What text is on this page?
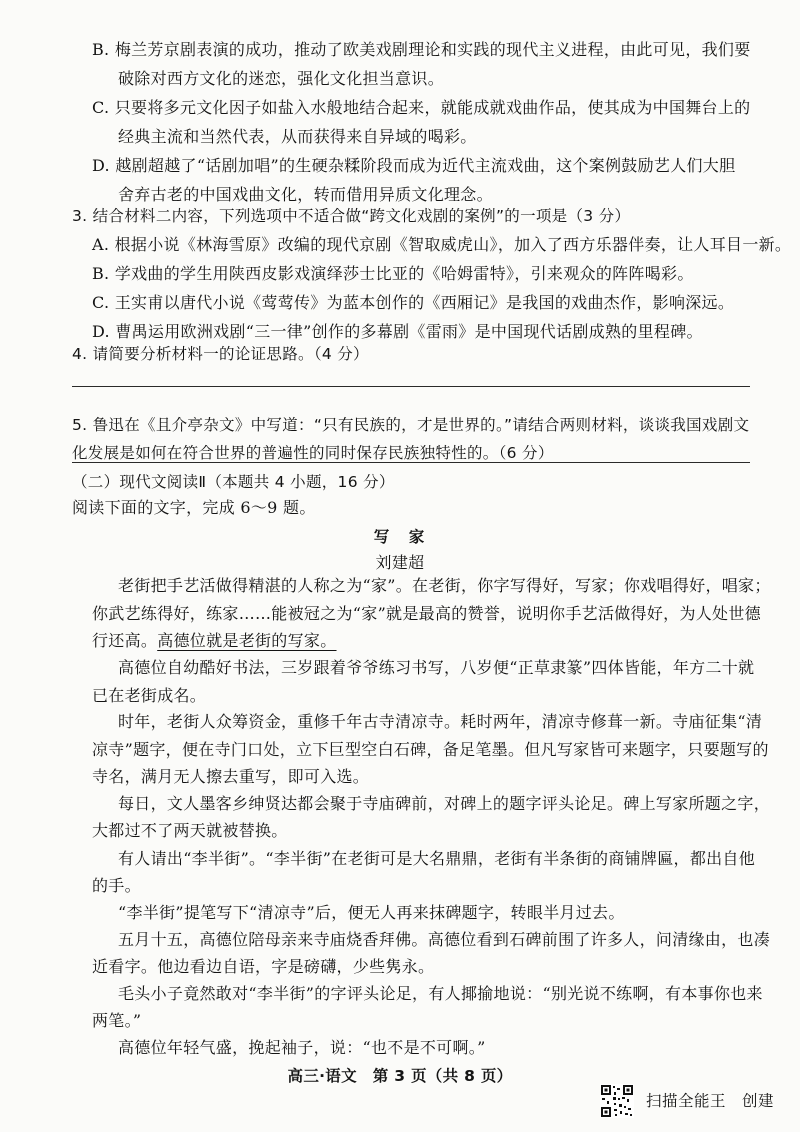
B. 梅兰芳京剧表演的成功，推动了欧美戏剧理论和实践的现代主义进程，由此可见，我们要
破除对西方文化的迷恋，强化文化担当意识。
C. 只要将多元文化因子如盐入水般地结合起来，就能成就戏曲作品，使其成为中国舞台上的
经典主流和当然代表，从而获得来自异域的喝彩。
D. 越剧超越了“话剧加唱”的生硬杂糅阶段而成为近代主流戏曲，这个案例鼓励艺人们大胆
舍弃古老的中国戏曲文化，转而借用异质文化理念。
3. 结合材料二内容，下列选项中不适合做“跨文化戏剧的案例”的一项是（3 分）
A. 根据小说《林海雪原》改编的现代京剧《智取威虎山》，加入了西方乐器伴奏，让人耳目一新。
B. 学戏曲的学生用陕西皮影戏演绎莎士比亚的《哈姆雷特》，引来观众的阵阵喝彩。
C. 王实甫以唐代小说《莺莺传》为蓝本创作的《西厢记》是我国的戏曲杰作，影响深远。
D. 曹禺运用欧洲戏剧“三一律”创作的多幕剧《雷雨》是中国现代话剧成熟的里程碑。
4. 请简要分析材料一的论证思路。（4 分）
5. 鲁迅在《且介亭杂文》中写道：“只有民族的，才是世界的。”请结合两则材料，谈谈我国戏剧文
化发展是如何在符合世界的普遍性的同时保存民族独特性的。（6 分）
（二）现代文阅读Ⅱ（本题共 4 小题，16 分）
阅读下面的文字，完成 6～9 题。
写　家
刘建超
老街把手艺活做得精湛的人称之为“家”。在老街，你字写得好，写家；你戏唱得好，唱家；
你武艺练得好，练家……能被冠之为“家”就是最高的赞誉，说明你手艺活做得好，为人处世德
行还高。高德位就是老街的写家。
高德位自幼酷好书法，三岁跟着爷爷练习书写，八岁便“正草隶篆”四体皆能，年方二十就
已在老街成名。
时年，老街人众筹资金，重修千年古寺清凉寺。耗时两年，清凉寺修葺一新。寺庙征集“清
凉寺”题字，便在寺门口处，立下巨型空白石碑，备足笔墨。但凡写家皆可来题字，只要题写的
寺名，满月无人擦去重写，即可入选。
每日，文人墨客乡绅贤达都会聚于寺庙碑前，对碑上的题字评头论足。碑上写家所题之字，
大都过不了两天就被替换。
有人请出“李半街”。“李半街”在老街可是大名鼎鼎，老街有半条街的商铺牌匾，都出自他
的手。
“李半街”提笔写下“清凉寺”后，便无人再来抹碑题字，转眼半月过去。
五月十五，高德位陪母亲来寺庙烧香拜佛。高德位看到石碑前围了许多人，问清缘由，也凑
近看字。他边看边自语，字是磅礴，少些隽永。
毛头小子竟然敢对“李半街”的字评头论足，有人揶揄地说：“别光说不练啊，有本事你也来
两笔。”
高德位年轻气盛，挽起袖子，说：“也不是不可啊。”
高三·语文　第 3 页（共 8 页）
扫描全能王　创建
